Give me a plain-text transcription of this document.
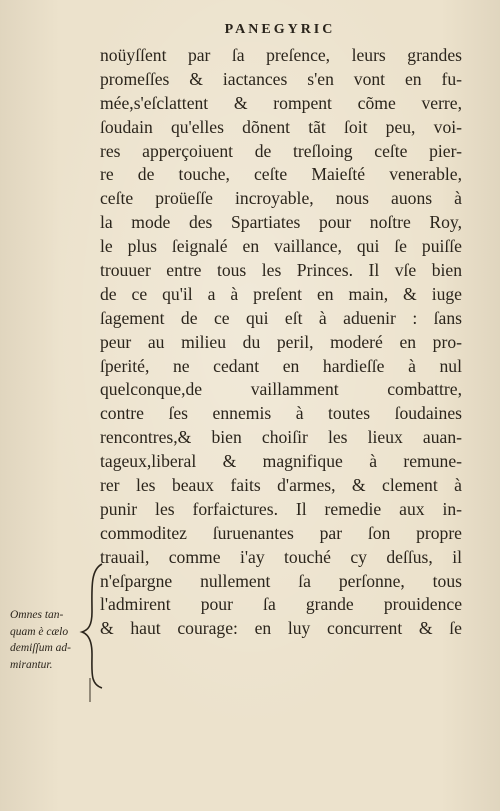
PANEGYRIC
noüyſſent par ſa preſence, leurs grandes
promeſſes & iactances s'en vont en fu-
mée,s'eſclattent & rompent cõme verre,
ſoudain qu'elles dõnent tãt ſoit peu, voi-
res apperçoiuent de treſloing ceſte pier-
re de touche, ceſte Maieſté venerable,
ceſte proüeſſe incroyable, nous auons à
la mode des Spartiates pour noſtre Roy,
le plus ſeignalé en vaillance, qui ſe puiſſe
trouuer entre tous les Princes. Il vſe bien
de ce qu'il a à preſent en main, & iuge
ſagement de ce qui eſt à aduenir : ſans
peur au milieu du peril, moderé en pro-
ſperité, ne cedant en hardieſſe à nul
quelconque,de vaillamment combattre,
contre ſes ennemis à toutes ſoudaines
rencontres,& bien choiſir les lieux auan-
tageux,liberal & magnifique à remune-
rer les beaux faits d'armes, & clement à
punir les forfaictures. Il remedie aux in-
commoditez ſuruenantes par ſon propre
trauail, comme i'ay touché cy deſſus, il
n'eſpargne nullement ſa perſonne, tous
l'admirent pour ſa grande prouidence
& haut courage: en luy concurrent & ſe
Omnes tan-
quam è cælo
demiſſum ad-
mirantur.
